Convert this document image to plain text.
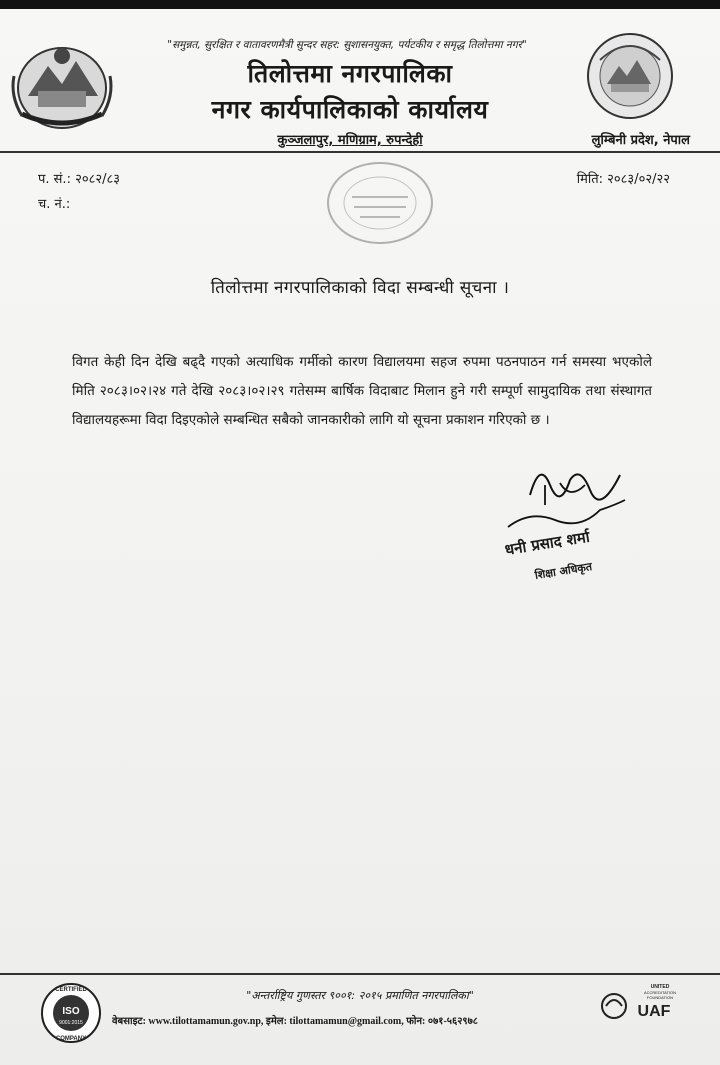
"समुन्नत, सुरक्षित र वातावरणमैत्री सुन्दर सहर: सुशासनयुक्त, पर्यटकीय र समृद्ध तिलोत्तमा नगर"
तिलोत्तमा नगरपालिका
नगर कार्यपालिकाको कार्यालय
कुञ्जलापुर, मणिग्राम, रुपन्देही	लुम्बिनी प्रदेश, नेपाल
प. सं.: २०८२/८३
च. नं.:
मिति: २०८३/०२/२२
तिलोत्तमा नगरपालिकाको विदा सम्बन्धी सूचना ।
विगत केही दिन देखि बढ्दै गएको अत्याधिक गर्मीको कारण विद्यालयमा सहज रुपमा पठनपाठन गर्न समस्या भएकोले मिति २०८३।०२।२४ गते देखि २०८३।०२।२९ गतेसम्म बार्षिक विदाबाट मिलान हुने गरी सम्पूर्ण सामुदायिक तथा संस्थागत विद्यालयहरूमा विदा दिइएकोले सम्बन्धित सबैको जानकारीको लागि यो सूचना प्रकाशन गरिएको छ ।
धनी प्रसाद शर्मा
शिक्षा अधिकृत
ISO
9001:2015
CERTIFIED
COMPANY
UNITED
ACCREDITATION
FOUNDATION
UAF
"अन्तर्राष्ट्रिय गुणस्तर ९००१: २०१५ प्रमाणित नगरपालिका"
वेबसाइट: www.tilottamamun.gov.np, इमेल: tilottamamun@gmail.com, फोन: ०७१-५६२९७८
